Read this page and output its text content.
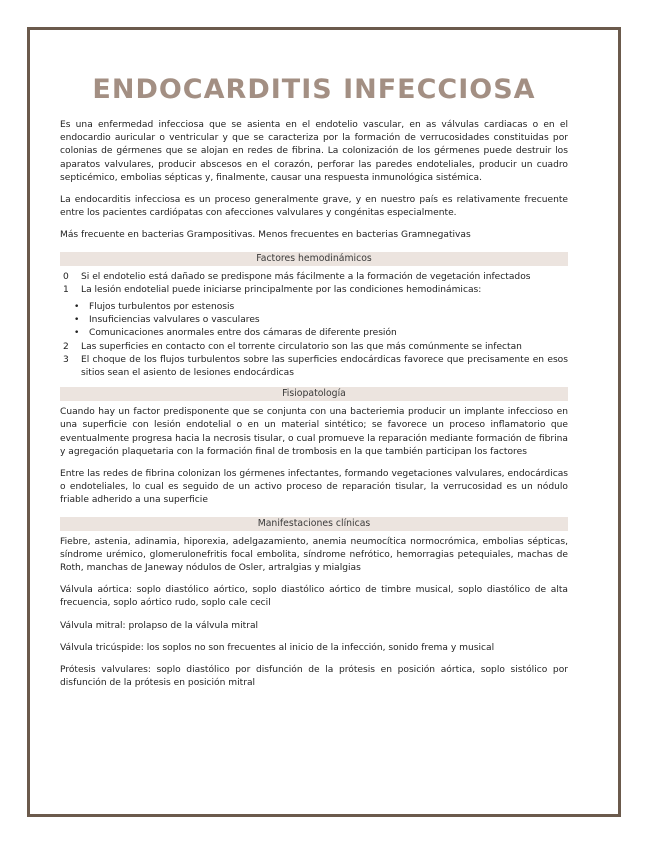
ENDOCARDITIS INFECCIOSA

Es una enfermedad infecciosa que se asienta en el endotelio vascular, en as válvulas cardiacas o en el endocardio auricular o ventricular y que se caracteriza por la formación de verrucosidades constituidas por colonias de gérmenes que se alojan en redes de fibrina. La colonización de los gérmenes puede destruir los aparatos valvulares, producir abscesos en el corazón, perforar las paredes endoteliales, producir un cuadro septicémico, embolias sépticas y, finalmente, causar una respuesta inmunológica sistémica.

La endocarditis infecciosa es un proceso generalmente grave, y en nuestro país es relativamente frecuente entre los pacientes cardiópatas con afecciones valvulares y congénitas especialmente.

Más frecuente en bacterias Grampositivas. Menos frecuentes en bacterias Gramnegativas

Factores hemodinámicos
0 Si el endotelio está dañado se predispone más fácilmente a la formación de vegetación infectados
1 La lesión endotelial puede iniciarse principalmente por las condiciones hemodinámicas:
• Flujos turbulentos por estenosis
• Insuficiencias valvulares o vasculares
• Comunicaciones anormales entre dos cámaras de diferente presión
2 Las superficies en contacto con el torrente circulatorio son las que más comúnmente se infectan
3 El choque de los flujos turbulentos sobre las superficies endocárdicas favorece que precisamente en esos sitios sean el asiento de lesiones endocárdicas
Fisiopatología

Cuando hay un factor predisponente que se conjunta con una bacteriemia producir un implante infeccioso en una superficie con lesión endotelial o en un material sintético; se favorece un proceso inflamatorio que eventualmente progresa hacia la necrosis tisular, o cual promueve la reparación mediante formación de fibrina y agregación plaquetaria con la formación final de trombosis en la que también participan los factores

Entre las redes de fibrina colonizan los gérmenes infectantes, formando vegetaciones valvulares, endocárdicas o endoteliales, lo cual es seguido de un activo proceso de reparación tisular, la verrucosidad es un nódulo friable adherido a una superficie

Manifestaciones clínicas

Fiebre, astenia, adinamia, hiporexia, adelgazamiento, anemia neumocítica normocrómica, embolias sépticas, síndrome urémico, glomerulonefritis focal embolita, síndrome nefrótico, hemorragias petequiales, machas de Roth, manchas de Janeway nódulos de Osler, artralgias y mialgias

Válvula aórtica: soplo diastólico aórtico, soplo diastólico aórtico de timbre musical, soplo diastólico de alta frecuencia, soplo aórtico rudo, soplo cale cecil

Válvula mitral: prolapso de la válvula mitral

Válvula tricúspide: los soplos no son frecuentes al inicio de la infección, sonido frema y musical

Prótesis valvulares: soplo diastólico por disfunción de la prótesis en posición aórtica, soplo sistólico por disfunción de la prótesis en posición mitral
